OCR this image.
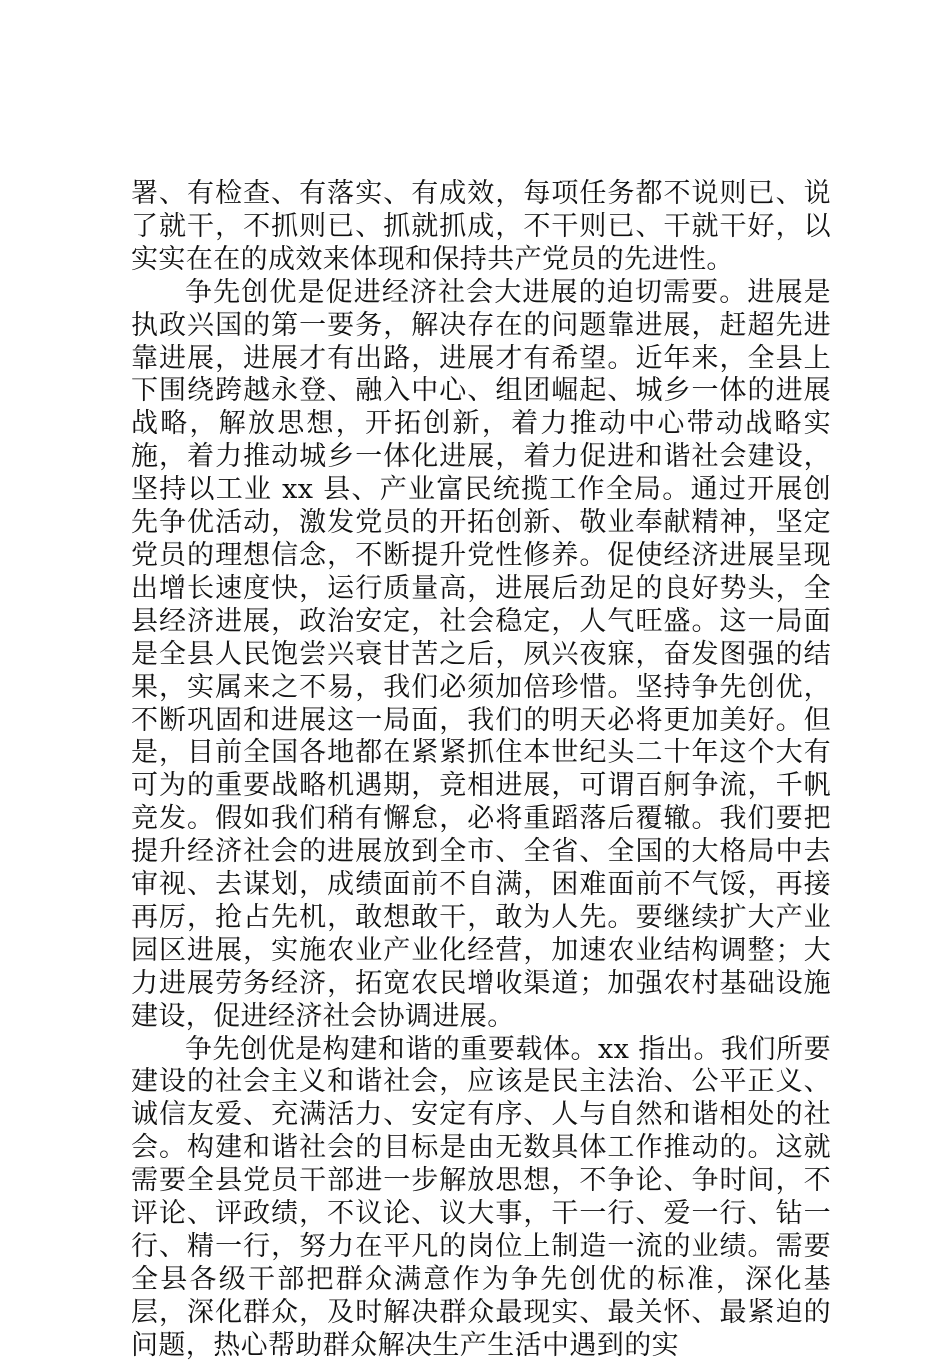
署、有检查、有落实、有成效，每项任务都不说则已、说了就干，不抓则已、抓就抓成，不干则已、干就干好，以实实在在的成效来体现和保持共产党员的先进性。

争先创优是促进经济社会大进展的迫切需要。进展是执政兴国的第一要务，解决存在的问题靠进展，赶超先进靠进展，进展才有出路，进展才有希望。近年来，全县上下围绕跨越永登、融入中心、组团崛起、城乡一体的进展战略，解放思想，开拓创新，着力推动中心带动战略实施，着力推动城乡一体化进展，着力促进和谐社会建设，坚持以工业 xx 县、产业富民统揽工作全局。通过开展创先争优活动，激发党员的开拓创新、敬业奉献精神，坚定党员的理想信念，不断提升党性修养。促使经济进展呈现出增长速度快，运行质量高，进展后劲足的良好势头，全县经济进展，政治安定，社会稳定，人气旺盛。这一局面是全县人民饱尝兴衰甘苦之后，夙兴夜寐，奋发图强的结果，实属来之不易，我们必须加倍珍惜。坚持争先创优，不断巩固和进展这一局面，我们的明天必将更加美好。但是，目前全国各地都在紧紧抓住本世纪头二十年这个大有可为的重要战略机遇期，竞相进展，可谓百舸争流，千帆竞发。假如我们稍有懈怠，必将重蹈落后覆辙。我们要把提升经济社会的进展放到全市、全省、全国的大格局中去审视、去谋划，成绩面前不自满，困难面前不气馁，再接再厉，抢占先机，敢想敢干，敢为人先。要继续扩大产业园区进展，实施农业产业化经营，加速农业结构调整；大力进展劳务经济，拓宽农民增收渠道；加强农村基础设施建设，促进经济社会协调进展。

争先创优是构建和谐的重要载体。xx 指出。我们所要建设的社会主义和谐社会，应该是民主法治、公平正义、诚信友爱、充满活力、安定有序、人与自然和谐相处的社会。构建和谐社会的目标是由无数具体工作推动的。这就需要全县党员干部进一步解放思想，不争论、争时间，不评论、评政绩，不议论、议大事，干一行、爱一行、钻一行、精一行，努力在平凡的岗位上制造一流的业绩。需要全县各级干部把群众满意作为争先创优的标准，深化基层，深化群众，及时解决群众最现实、最关怀、最紧迫的问题，热心帮助群众解决生产生活中遇到的实
